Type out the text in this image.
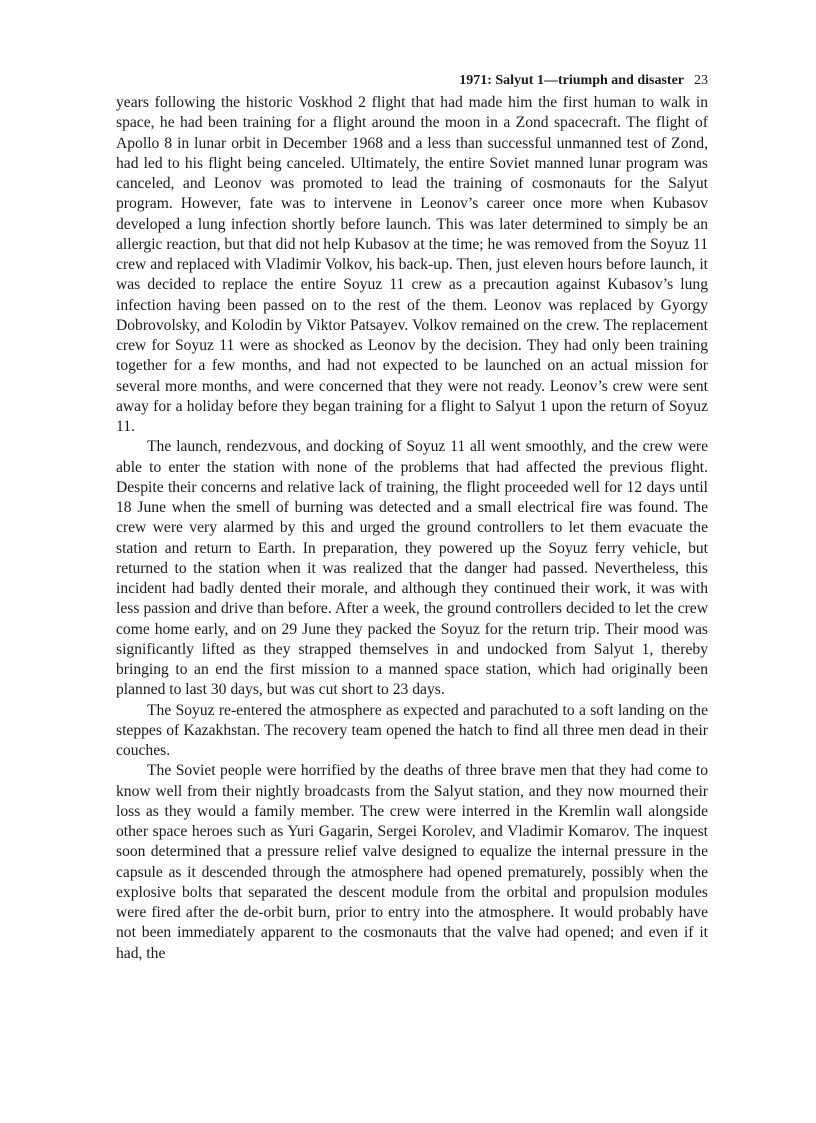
1971: Salyut 1—triumph and disaster 23

years following the historic Voskhod 2 flight that had made him the first human to walk in space, he had been training for a flight around the moon in a Zond spacecraft. The flight of Apollo 8 in lunar orbit in December 1968 and a less than successful unmanned test of Zond, had led to his flight being canceled. Ultimately, the entire Soviet manned lunar program was canceled, and Leonov was promoted to lead the training of cosmonauts for the Salyut program. However, fate was to intervene in Leonov’s career once more when Kubasov developed a lung infection shortly before launch. This was later determined to simply be an allergic reaction, but that did not help Kubasov at the time; he was removed from the Soyuz 11 crew and replaced with Vladimir Volkov, his back-up. Then, just eleven hours before launch, it was decided to replace the entire Soyuz 11 crew as a precaution against Kubasov’s lung infection having been passed on to the rest of the them. Leonov was replaced by Gyorgy Dobrovolsky, and Kolodin by Viktor Patsayev. Volkov remained on the crew. The replacement crew for Soyuz 11 were as shocked as Leonov by the decision. They had only been training together for a few months, and had not expected to be launched on an actual mission for several more months, and were concerned that they were not ready. Leonov’s crew were sent away for a holiday before they began training for a flight to Salyut 1 upon the return of Soyuz 11.

The launch, rendezvous, and docking of Soyuz 11 all went smoothly, and the crew were able to enter the station with none of the problems that had affected the previous flight. Despite their concerns and relative lack of training, the flight proceeded well for 12 days until 18 June when the smell of burning was detected and a small electrical fire was found. The crew were very alarmed by this and urged the ground controllers to let them evacuate the station and return to Earth. In preparation, they powered up the Soyuz ferry vehicle, but returned to the station when it was realized that the danger had passed. Nevertheless, this incident had badly dented their morale, and although they continued their work, it was with less passion and drive than before. After a week, the ground controllers decided to let the crew come home early, and on 29 June they packed the Soyuz for the return trip. Their mood was significantly lifted as they strapped themselves in and undocked from Salyut 1, thereby bringing to an end the first mission to a manned space station, which had originally been planned to last 30 days, but was cut short to 23 days.

The Soyuz re-entered the atmosphere as expected and parachuted to a soft landing on the steppes of Kazakhstan. The recovery team opened the hatch to find all three men dead in their couches.

The Soviet people were horrified by the deaths of three brave men that they had come to know well from their nightly broadcasts from the Salyut station, and they now mourned their loss as they would a family member. The crew were interred in the Kremlin wall alongside other space heroes such as Yuri Gagarin, Sergei Korolev, and Vladimir Komarov. The inquest soon determined that a pressure relief valve designed to equalize the internal pressure in the capsule as it descended through the atmosphere had opened prematurely, possibly when the explosive bolts that separated the descent module from the orbital and propulsion modules were fired after the de-orbit burn, prior to entry into the atmosphere. It would probably have not been immediately apparent to the cosmonauts that the valve had opened; and even if it had, the
